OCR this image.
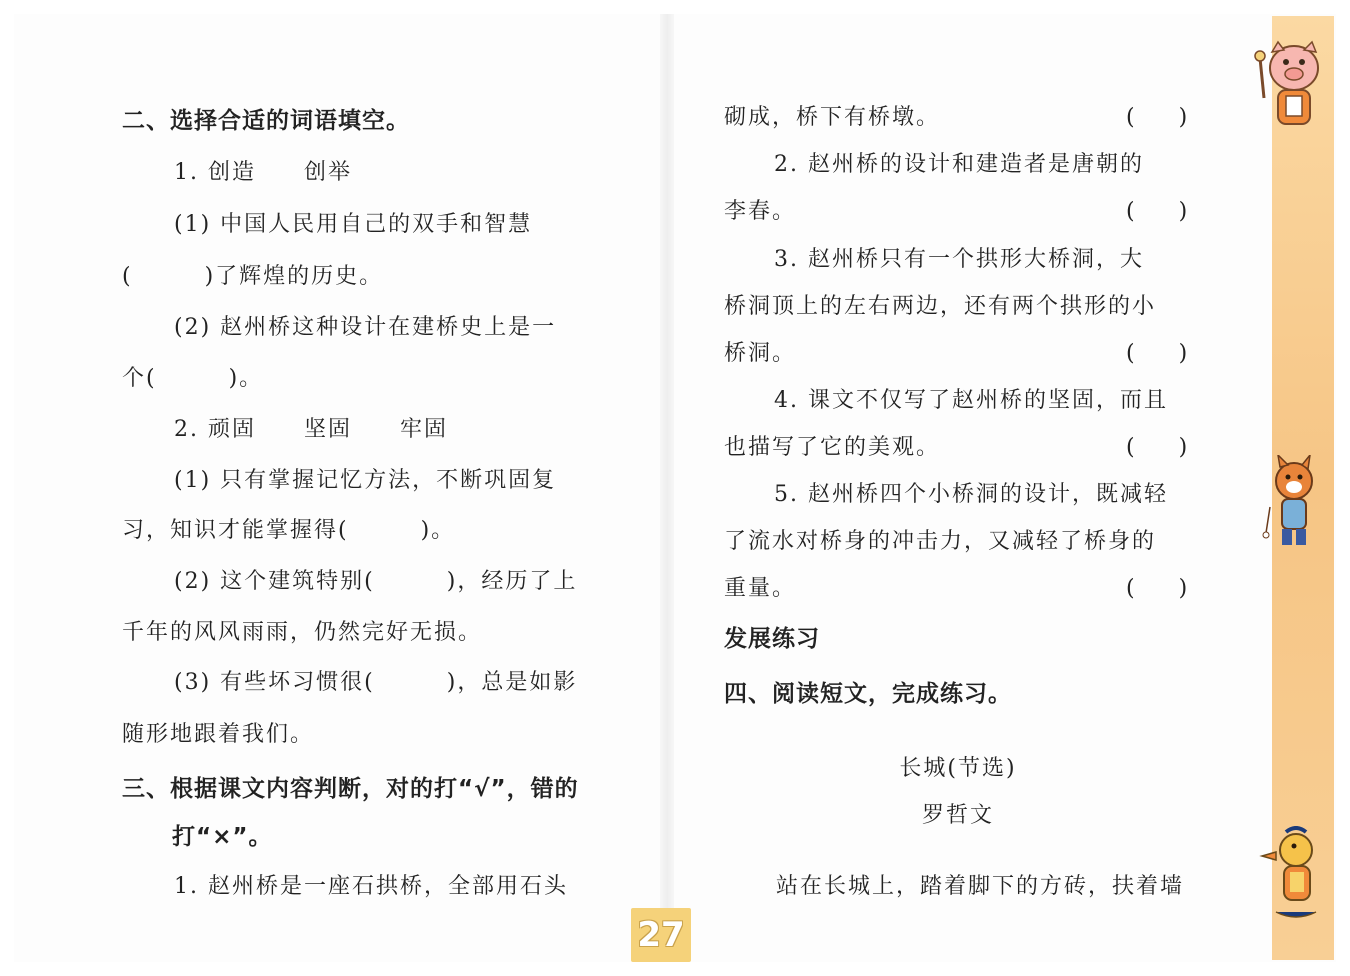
二、选择合适的词语填空。
1. 创造　　创举
(1) 中国人民用自己的双手和智慧
(　　　)了辉煌的历史。
(2) 赵州桥这种设计在建桥史上是一
个(　　　)。
2. 顽固　　坚固　　牢固
(1) 只有掌握记忆方法，不断巩固复
习，知识才能掌握得(　　　)。
(2) 这个建筑特别(　　　)，经历了上
千年的风风雨雨，仍然完好无损。
(3) 有些坏习惯很(　　　)，总是如影
随形地跟着我们。
三、根据课文内容判断，对的打“√”，错的
打“×”。
1. 赵州桥是一座石拱桥，全部用石头
砌成，桥下有桥墩。	(　　)
2. 赵州桥的设计和建造者是唐朝的
李春。	(　　)
3. 赵州桥只有一个拱形大桥洞，大
桥洞顶上的左右两边，还有两个拱形的小
桥洞。	(　　)
4. 课文不仅写了赵州桥的坚固，而且
也描写了它的美观。	(　　)
5. 赵州桥四个小桥洞的设计，既减轻
了流水对桥身的冲击力，又减轻了桥身的
重量。	(　　)
发展练习
四、阅读短文，完成练习。
长城(节选)
罗哲文
站在长城上，踏着脚下的方砖，扶着墙
27
